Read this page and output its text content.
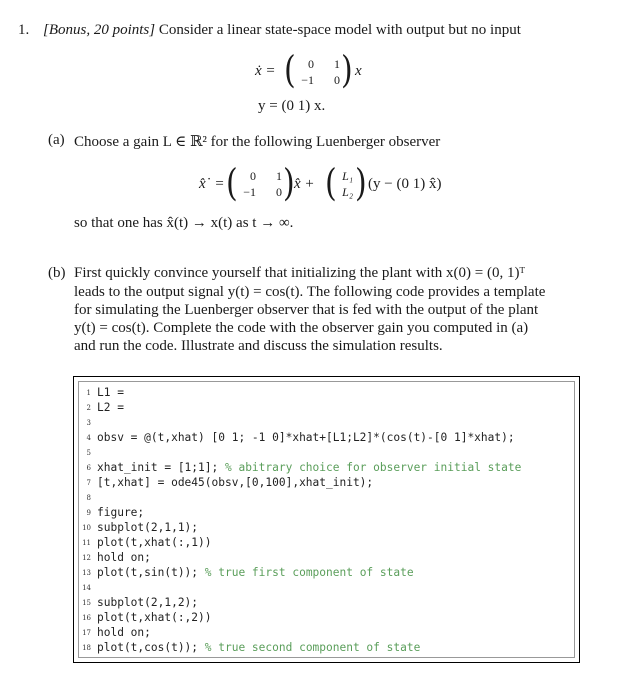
1. [Bonus, 20 points] Consider a linear state-space model with output but no input
ẋ = (	0	1
−1	0 ) x
y = (0 1) x.
(a) Choose a gain L ∈ ℝ² for the following Luenberger observer
x̂˙ = (	0	1
−1	0 ) x̂ + ( L₁
L₂ ) (y − (0 1) x̂)
so that one has x̂(t) → x(t) as t → ∞.
(b) First quickly convince yourself that initializing the plant with x(0) = (0, 1)ᵀ
leads to the output signal y(t) = cos(t). The following code provides a template
for simulating the Luenberger observer that is fed with the output of the plant
y(t) = cos(t). Complete the code with the observer gain you computed in (a)
and run the code. Illustrate and discuss the simulation results.
1 L1 =
2 L2 =
3
4 obsv = @(t,xhat) [0 1; -1 0]*xhat+[L1;L2]*(cos(t)-[0 1]*xhat);
5
6 xhat_init = [1;1]; % abitrary choice for observer initial state
7 [t,xhat] = ode45(obsv,[0,100],xhat_init);
8
9 figure;
10 subplot(2,1,1);
11 plot(t,xhat(:,1))
12 hold on;
13 plot(t,sin(t)); % true first component of state
14
15 subplot(2,1,2);
16 plot(t,xhat(:,2))
17 hold on;
18 plot(t,cos(t)); % true second component of state
